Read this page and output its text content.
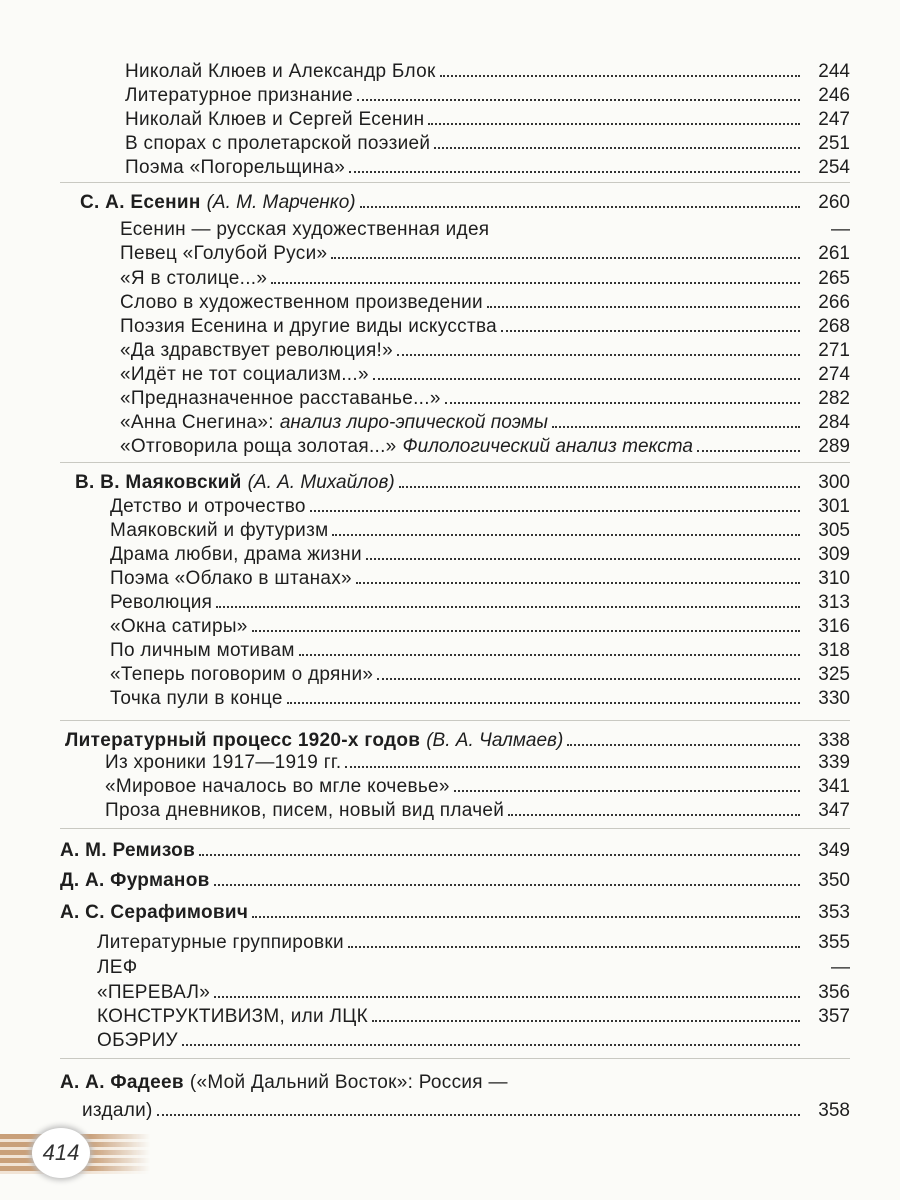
Николай Клюев и Александр Блок	244
Литературное признание	246
Николай Клюев и Сергей Есенин	247
В спорах с пролетарской поэзией	251
Поэма «Погорельщина»	254
С. А. Есенин (А. М. Марченко)	260
Есенин — русская художественная идея	—
Певец «Голубой Руси»	261
«Я в столице...»	265
Слово в художественном произведении	266
Поэзия Есенина и другие виды искусства	268
«Да здравствует революция!»	271
«Идёт не тот социализм...»	274
«Предназначенное расставанье...»	282
«Анна Снегина»: анализ лиро-эпической поэмы	284
«Отговорила роща золотая...» Филологический анализ текста	289
В. В. Маяковский (А. А. Михайлов)	300
Детство и отрочество	301
Маяковский и футуризм	305
Драма любви, драма жизни	309
Поэма «Облако в штанах»	310
Революция	313
«Окна сатиры»	316
По личным мотивам	318
«Теперь поговорим о дряни»	325
Точка пули в конце	330
Литературный процесс 1920-х годов (В. А. Чалмаев)	338
Из хроники 1917—1919 гг.	339
«Мировое началось во мгле кочевье»	341
Проза дневников, писем, новый вид плачей	347
А. М. Ремизов	349
Д. А. Фурманов	350
А. С. Серафимович	353
Литературные группировки	355
ЛЕФ	—
«ПЕРЕВАЛ»	356
КОНСТРУКТИВИЗМ, или ЛЦК	357
ОБЭРИУ
А. А. Фадеев («Мой Дальний Восток»: Россия —
издали)	358
414
